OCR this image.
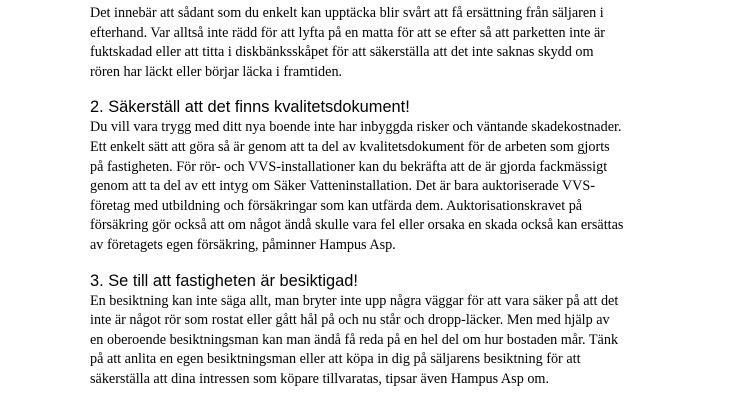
Det innebär att sådant som du enkelt kan upptäcka blir svårt att få ersättning från säljaren i
efterhand. Var alltså inte rädd för att lyfta på en matta för att se efter så att parketten inte är
fuktskadad eller att titta i diskbänksskåpet för att säkerställa att det inte saknas skydd om
rören har läckt eller börjar läcka i framtiden.

2. Säkerställ att det finns kvalitetsdokument!

Du vill vara trygg med ditt nya boende inte har inbyggda risker och väntande skadekostnader.
Ett enkelt sätt att göra så är genom att ta del av kvalitetsdokument för de arbeten som gjorts
på fastigheten. För rör- och VVS-installationer kan du bekräfta att de är gjorda fackmässigt
genom att ta del av ett intyg om Säker Vatteninstallation. Det är bara auktoriserade VVS-
företag med utbildning och försäkringar som kan utfärda dem. Auktorisationskravet på
försäkring gör också att om något ändå skulle vara fel eller orsaka en skada också kan ersättas
av företagets egen försäkring, påminner Hampus Asp.

3. Se till att fastigheten är besiktigad!

En besiktning kan inte säga allt, man bryter inte upp några väggar för att vara säker på att det
inte är något rör som rostat eller gått hål på och nu står och dropp-läcker. Men med hjälp av
en oberoende besiktningsman kan man ändå få reda på en hel del om hur bostaden mår. Tänk
på att anlita en egen besiktningsman eller att köpa in dig på säljarens besiktning för att
säkerställa att dina intressen som köpare tillvaratas, tipsar även Hampus Asp om.
